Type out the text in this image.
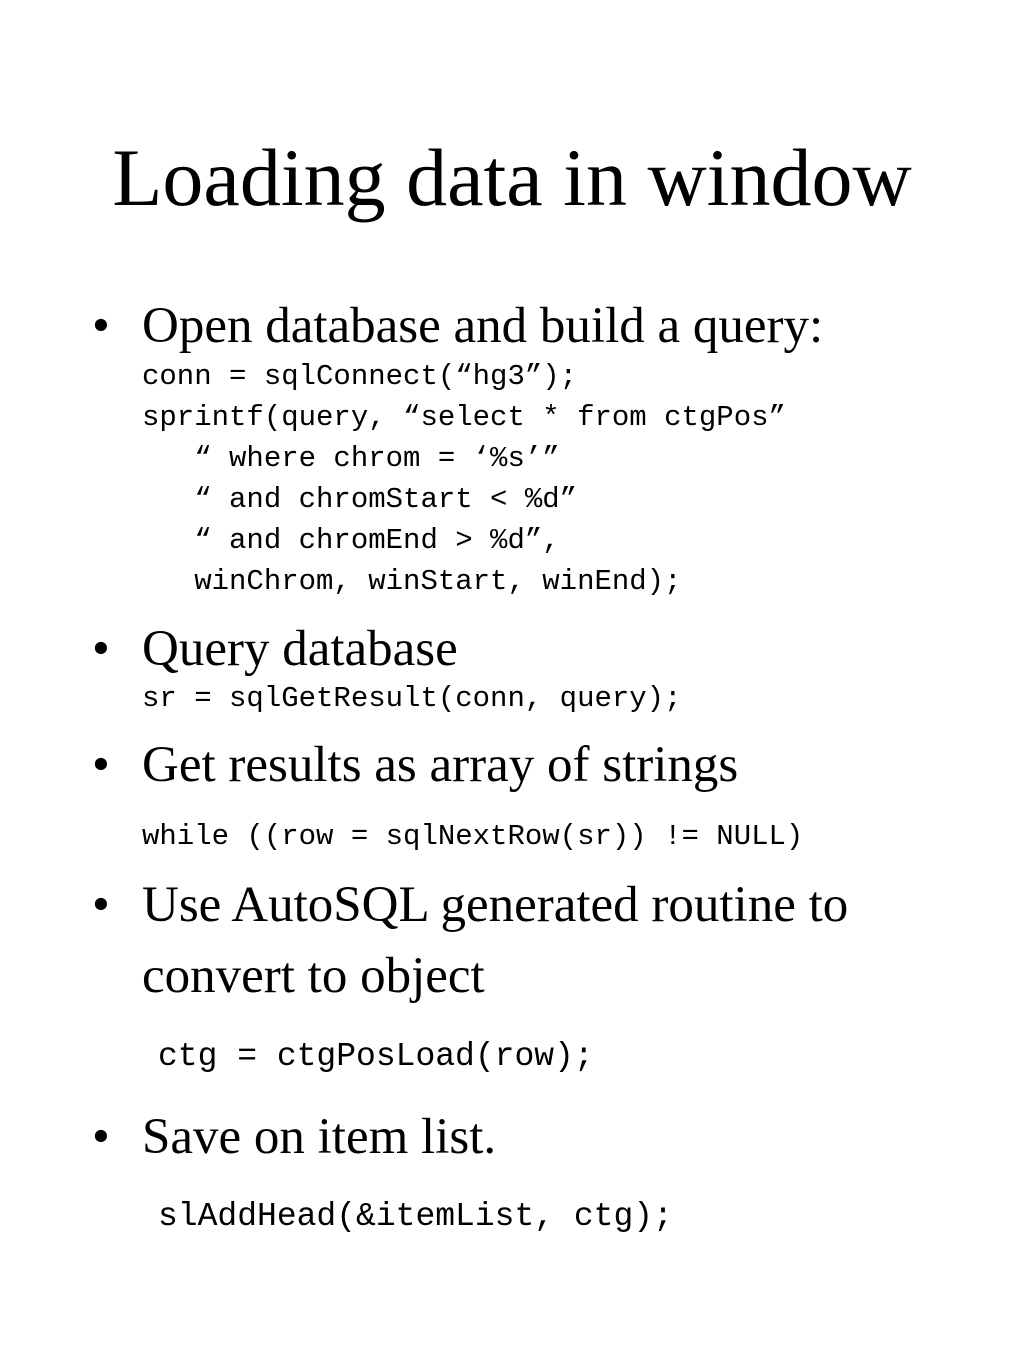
Loading data in window
• Open database and build a query:
conn = sqlConnect(“hg3”);
sprintf(query, “select * from ctgPos”
“ where chrom = ‘%s’”
“ and chromStart < %d”
“ and chromEnd > %d”,
winChrom, winStart, winEnd);
• Query database
sr = sqlGetResult(conn, query);
• Get results as array of strings
while ((row = sqlNextRow(sr)) != NULL)
• Use AutoSQL generated routine to
convert to object
ctg = ctgPosLoad(row);
• Save on item list.
slAddHead(&itemList, ctg);
